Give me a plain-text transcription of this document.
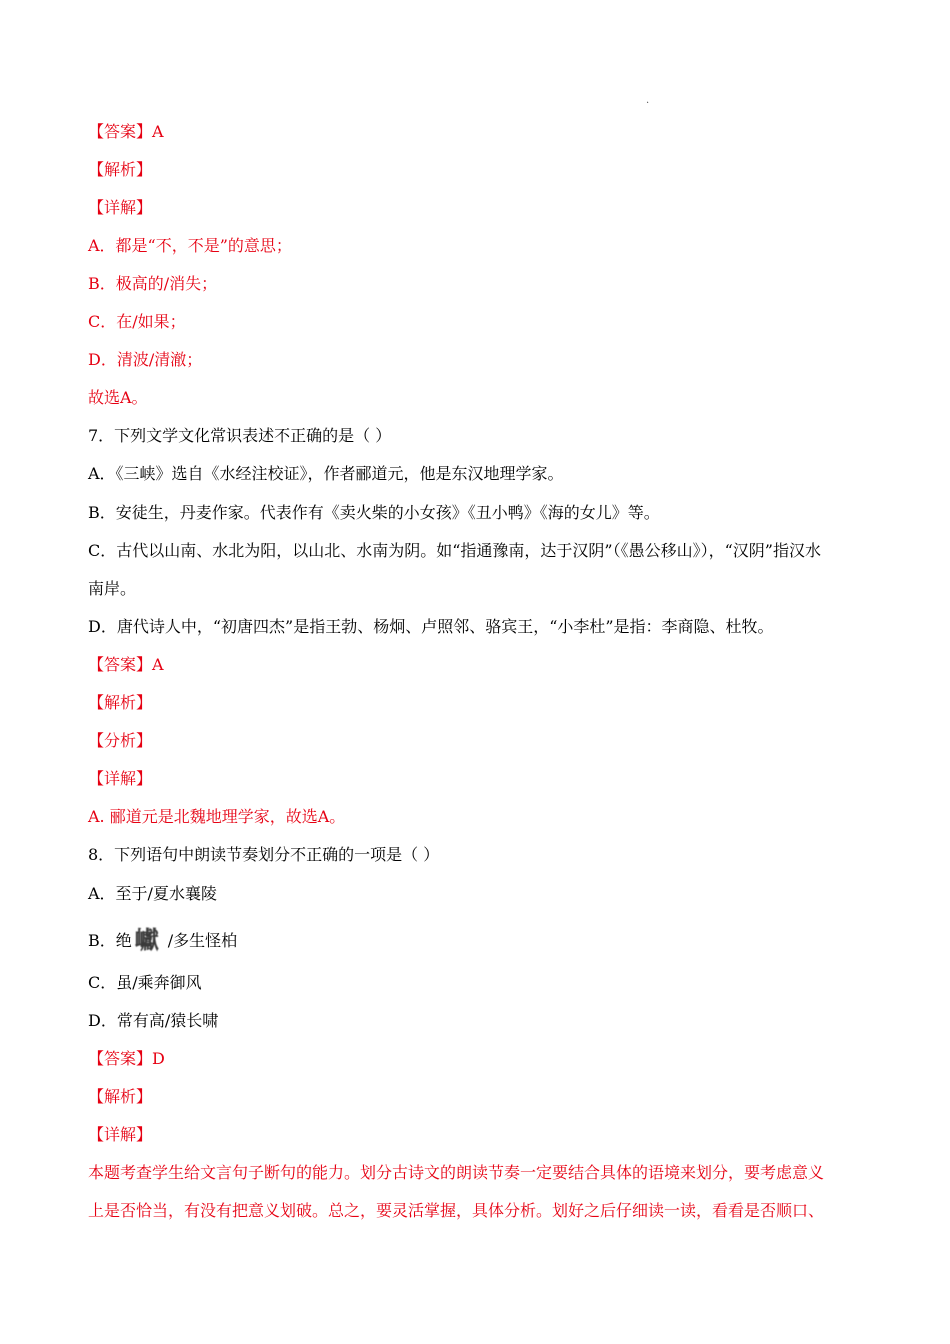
.
【答案】A
【解析】
【详解】
A．都是“不，不是”的意思；
B．极高的/消失；
C．在/如果；
D．清波/清澈；
故选A。
7．下列文学文化常识表述不正确的是（ ）
A．《三峡》选自《水经注校证》，作者郦道元，他是东汉地理学家。
B．安徒生，丹麦作家。代表作有《卖火柴的小女孩》《丑小鸭》《海的女儿》等。
C．古代以山南、水北为阳，以山北、水南为阴。如“指通豫南，达于汉阴”（《愚公移山》），“汉阴”指汉水
南岸。
D．唐代诗人中，“初唐四杰”是指王勃、杨炯、卢照邻、骆宾王，“小李杜”是指：李商隐、杜牧。
【答案】A
【解析】
【分析】
【详解】
A. 郦道元是北魏地理学家，故选A。
8．下列语句中朗读节奏划分不正确的一项是（ ）
A．至于/夏水襄陵
B．绝 巘 /多生怪柏
C．虽/乘奔御风
D．常有高/猿长啸
【答案】D
【解析】
【详解】
本题考查学生给文言句子断句的能力。划分古诗文的朗读节奏一定要结合具体的语境来划分，要考虑意义
上是否恰当，有没有把意义划破。总之，要灵活掌握，具体分析。划好之后仔细读一读，看看是否顺口、
